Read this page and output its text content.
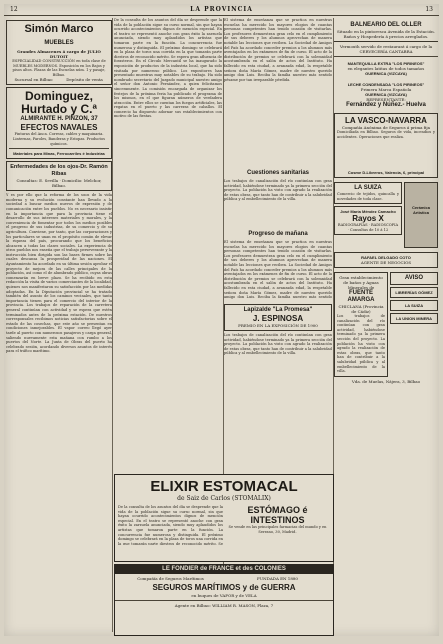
12	LA PROVINCIA	13
Simón Marco MUEBLES
Grandes Almacenes á cargo de JULIO DUTOIT
ESPECIALIDAD CONSTRUCCIÓN en toda clase de MUEBLES MODERNOS. Esposición en los Bajos y pisos altos. Plazas de las Escuelas núm. 1 y pasaje, Bilbao.
Sucursal en Bilbao	Depósito de venta
Dominguez, Hurtado y C.ª
ALMIRANTE H. PINZON, 37
EFECTOS NAVALES
Pinturas del Anca. Correas, cables y maquinaria. Linternas, Faroles, Banderas y Estopas. Productos químicos.
Materiales para Minas, Ferrocarriles é Industrias
Enfermedades de los ojos-Dr. Ramón Ribas
Consultas: E. Sevilla · Domicilio: Melchor, Bilbao.
Y es por ello que la reforma de los usos de la vida moderna y su evolución constante han llevado a la sociedad a buscar medios nuevos de expresión y de comunicación entre los pueblos. No es necesario insistir en la importancia que para la provincia tiene el desarrollo de sus intereses materiales y morales, y la conveniencia de fomentar por todos los medios posibles el progreso de sus industrias, de su comercio y de su agricultura. Conviene, por tanto, que las corporaciones y los particulares se unan en el propósito común de elevar la riqueza del país, procurando que los beneficios alcancen a todas las clases sociales. La experiencia de otros pueblos nos enseña que el trabajo perseverante y la instrucción bien dirigida son las bases firmes sobre las cuales descansa la prosperidad de las naciones. El Ayuntamiento ha acordado en su última sesión aprobar el proyecto de mejora de las calles principales de la población, así como el de alumbrado público, cuyas obras comenzarán en breve plazo. Se ha recibido en esta redacción la visita de varios comerciantes de la localidad, quienes nos manifestaron su satisfacción por las medidas adoptadas. En la Diputación provincial se ha tratado también del asunto de los caminos vecinales, que tanta importancia tienen para el comercio del interior de la provincia. Los trabajos de reparación de la carretera general continúan con actividad y se espera que estén terminados antes de la próxima estación. De nuestros corresponsales recibimos noticias satisfactorias sobre el estado de las cosechas, que este año se presentan en condiciones inmejorables. El vapor correo llegó ayer tarde al puerto con numerosos pasajeros y carga general, saliendo nuevamente esta mañana con rumbo a los puertos del Norte. La Junta de Obras del puerto ha celebrado sesión, acordando diversos asuntos de interés para el tráfico marítimo.
De la consulta de los asuntos del día se desprende que la vida de la población sigue su curso normal, sin que hayan ocurrido acontecimientos dignos de mención especial. En el teatro se representó anoche con gran éxito la zarzuela anunciada, siendo muy aplaudidos los artistas que tomaron parte en la función. La concurrencia fue numerosa y distinguida. El próximo domingo se celebrará en la plaza de toros una corrida en la que tomarán parte diestros de reconocido mérito. Se espera gran afluencia de forasteros. En el Círculo Mercantil se ha inaugurado la exposición de productos de la industria local, que ha sido visitada por numeroso público. Los expositores han presentado muestras muy notables de su trabajo. Ha sido nombrado secretario del Juzgado municipal nuestro amigo el señor don Antonio Fernández, a quien felicitamos sinceramente. La comisión encargada de organizar los festejos de la próxima feria ha publicado el programa de los mismos, en el que figuran números de verdadera atracción. Entre ellos se cuentan los fuegos artificiales, las regatas en el puerto y las carreras de caballos. El comercio ha dispuesto adornar sus establecimientos con motivo de las fiestas.
El sistema de enseñanza que se practica en nuestras escuelas ha merecido los mayores elogios de cuantas personas competentes han tenido ocasión de visitarlas. Los profesores demuestran gran celo en el cumplimiento de sus deberes y los alumnos aprovechan de manera notable las lecciones que reciben. La Sociedad de Amigos del País ha acordado conceder premios a los alumnos más aventajados en los exámenes de fin de curso. El acto de la distribución de premios se celebrará con la solemnidad acostumbrada en el salón de actos del Instituto. Ha fallecido en esta ciudad, a avanzada edad, la respetable señora doña María Gómez, madre de nuestro querido amigo don Luis. Reciba la familia nuestro más sentido pésame por tan irreparable pérdida.
Cuestiones sanitarias
Los trabajos de canalización del río continúan con gran actividad, habiéndose terminado ya la primera sección del proyecto. La población ha visto con agrado la realización de estas obras, que tanto han de contribuir a la salubridad pública y al embellecimiento de la villa.
Progreso de mañana
El sistema de enseñanza que se practica en nuestras escuelas ha merecido los mayores elogios de cuantas personas competentes han tenido ocasión de visitarlas. Los profesores demuestran gran celo en el cumplimiento de sus deberes y los alumnos aprovechan de manera notable las lecciones que reciben. La Sociedad de Amigos del País ha acordado conceder premios a los alumnos más aventajados en los exámenes de fin de curso. El acto de la distribución de premios se celebrará con la solemnidad acostumbrada en el salón de actos del Instituto. Ha fallecido en esta ciudad, a avanzada edad, la respetable señora doña María Gómez, madre de nuestro querido amigo don Luis. Reciba la familia nuestro más sentido
Lapizalde "La Promesa"
J. ESPINOSA
PREMIO EN LA EXPOSICIÓN DE 1900
Los trabajos de canalización del río continúan con gran actividad, habiéndose terminado ya la primera sección del proyecto. La población ha visto con agrado la realización de estas obras, que tanto han de contribuir a la salubridad pública y al embellecimiento de la villa.
ELIXIR ESTOMACAL
de Saiz de Carlos (STOMALIX)
De la consulta de los asuntos del día se desprende que la vida de la población sigue su curso normal, sin que hayan ocurrido acontecimientos dignos de mención especial. En el teatro se representó anoche con gran éxito la zarzuela anunciada, siendo muy aplaudidos los artistas que tomaron parte en la función. La concurrencia fue numerosa y distinguida. El próximo domingo se celebrará en la plaza de toros una corrida en la que tomarán parte diestros de reconocido mérito. Se
ESTÓMAGO é INTESTINOS
Se vende en las principales farmacias del mundo y en Serrano, 30, Madrid.
LE FONDIER de FRANCE et des COLONIES
Compañía de Seguros Marítimos	FUNDADA EN 1880
SEGUROS MARÍTIMOS y de GUERRA
en buques de VAPOR y de VELA
Agente en Bilbao: WILLIAM R. MASON, Plaza, 7
BALNEARIO DEL OLLER
Situado en la pintoresca Avenida de la Estación. Baños y Hospedería á precios arreglados.
Vermouth servido de restaurant á cargo de la CERVECERÍA CANTABRA
MANTEQUILLA EXTRA "LOS PIRINEOS"
en elegantes latitas de todos tamaños
GUERNICA (VIZCAYA)
LECHE CONDENSADA "LOS PIRINEOS"
Primera Marca Española
GUERNICA (VIZCAYA)
REPRESENTANTE:
Fernández y Núñez.- Huelva
LA VASCO-NAVARRA
Compañía Anónima de Seguros á prima fija
Domiciliada en Bilbao. Seguros de vida, incendios y accidentes. Operaciones que realiza.
Cosme D-Libreros, Valencia, 6, principal
LA SUIZA
Comercio de tejidos, quincalla y novedades de toda clase.
José María Méndez Camacho
Rayos X
RADIOGRAFÍAS · RADIOSCOPIA · Consultas de 10 á 12
Cerámica Artística
RAFAEL DELGADO COTO
AGENTE DE NEGOCIOS
Gran establecimiento de baños y Aguas Minerales de
FUENTE AMARGA
CHICLANA (Provincia de Cádiz)
Los trabajos de canalización del río continúan con gran actividad, habiéndose terminado ya la primera sección del proyecto. La población ha visto con agrado la realización de estas obras, que tanto han de contribuir a la salubridad pública y al embellecimiento de la villa.
AVISO
LIBRERÍAS GÓMEZ
LA SUIZA
LA UNION MINERA
Vda. de Muelas, Nájera, 3, Bilbao
